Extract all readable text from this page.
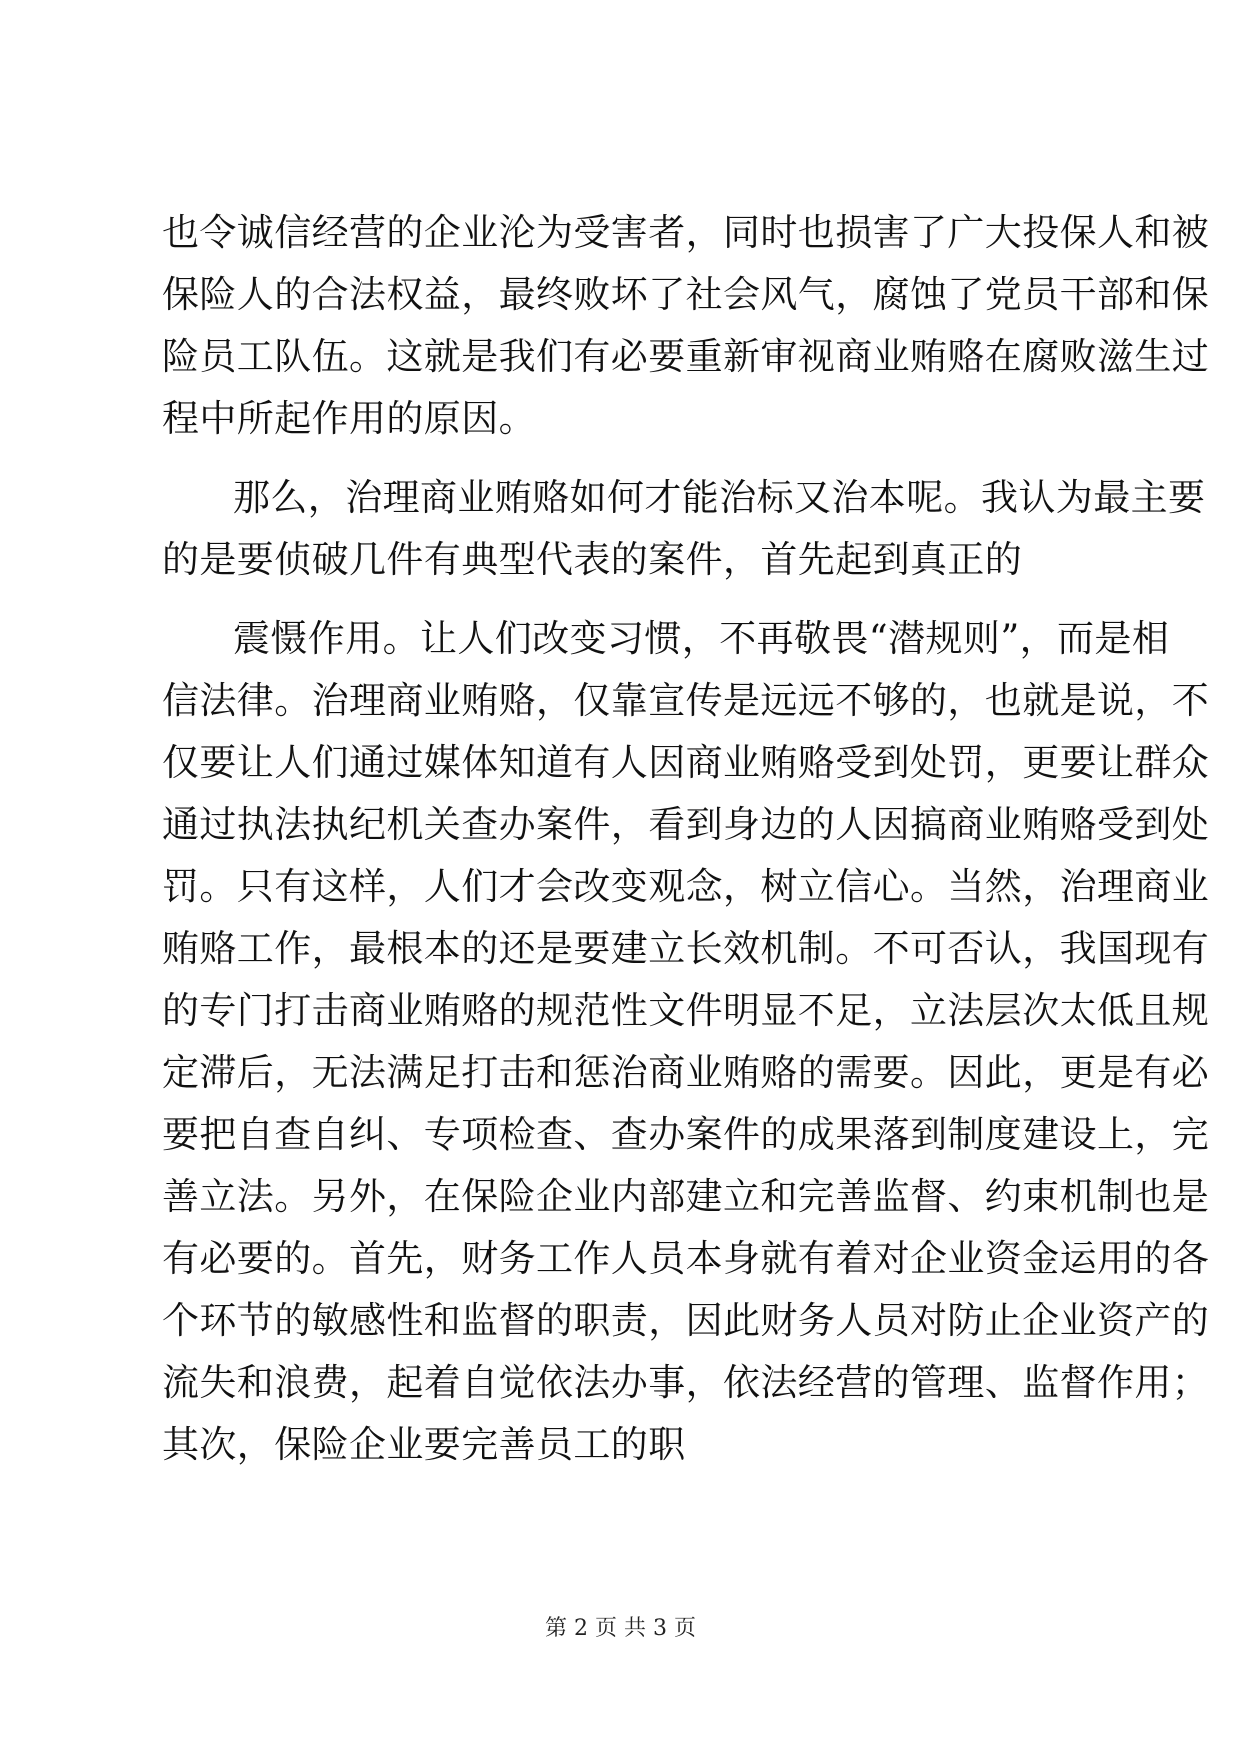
也令诚信经营的企业沦为受害者，同时也损害了广大投保人和被
保险人的合法权益，最终败坏了社会风气，腐蚀了党员干部和保
险员工队伍。这就是我们有必要重新审视商业贿赂在腐败滋生过
程中所起作用的原因。
那么，治理商业贿赂如何才能治标又治本呢。我认为最主要
的是要侦破几件有典型代表的案件，首先起到真正的
震慑作用。让人们改变习惯，不再敬畏“潜规则”，而是相
信法律。治理商业贿赂，仅靠宣传是远远不够的，也就是说，不
仅要让人们通过媒体知道有人因商业贿赂受到处罚，更要让群众
通过执法执纪机关查办案件，看到身边的人因搞商业贿赂受到处
罚。只有这样，人们才会改变观念，树立信心。当然，治理商业
贿赂工作，最根本的还是要建立长效机制。不可否认，我国现有
的专门打击商业贿赂的规范性文件明显不足，立法层次太低且规
定滞后，无法满足打击和惩治商业贿赂的需要。因此，更是有必
要把自查自纠、专项检查、查办案件的成果落到制度建设上，完
善立法。另外，在保险企业内部建立和完善监督、约束机制也是
有必要的。首先，财务工作人员本身就有着对企业资金运用的各
个环节的敏感性和监督的职责，因此财务人员对防止企业资产的
流失和浪费，起着自觉依法办事，依法经营的管理、监督作用；
其次，保险企业要完善员工的职
第 2 页 共 3 页
